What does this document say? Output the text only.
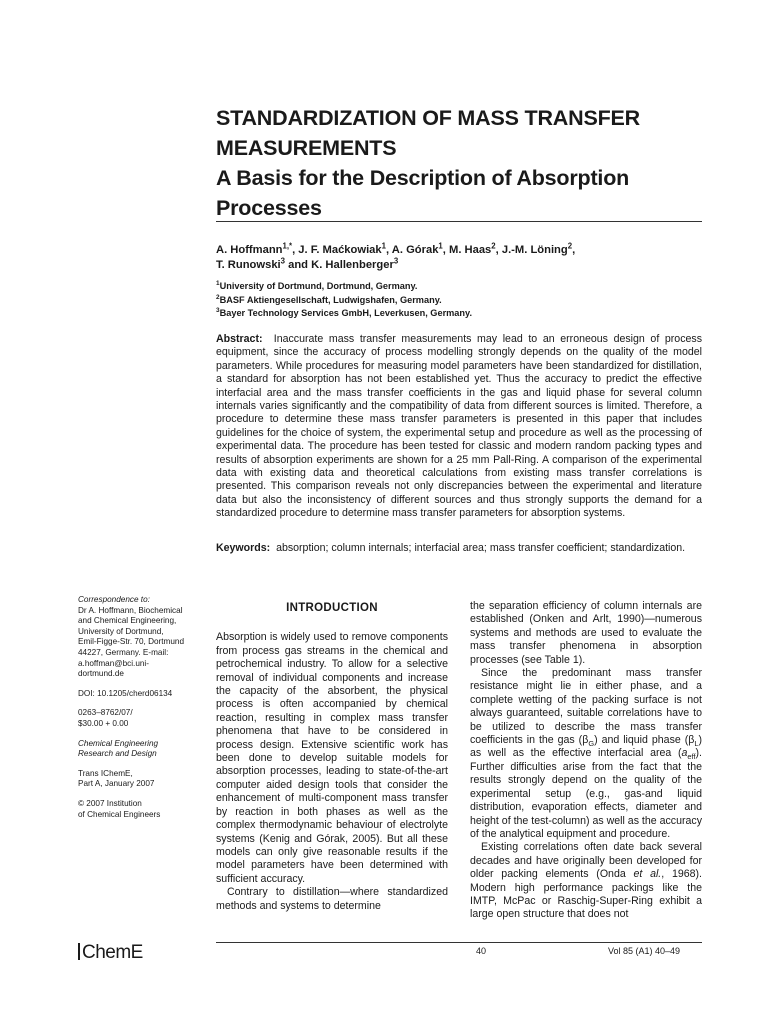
STANDARDIZATION OF MASS TRANSFER
MEASUREMENTS
A Basis for the Description of Absorption
Processes
A. Hoffmann$^{1,*}$, J. F. Maćkowiak$^1$, A. Górak$^1$, M. Haas$^2$, J.-M. Löning$^2$,
T. Runowski$^3$ and K. Hallenberger$^3$
$^1$University of Dortmund, Dortmund, Germany.
$^2$BASF Aktiengesellschaft, Ludwigshafen, Germany.
$^3$Bayer Technology Services GmbH, Leverkusen, Germany.
Abstract: Inaccurate mass transfer measurements may lead to an erroneous design of process equipment, since the accuracy of process modelling strongly depends on the quality of the model parameters. While procedures for measuring model parameters have been standardized for distillation, a standard for absorption has not been established yet. Thus the accuracy to predict the effective interfacial area and the mass transfer coefficients in the gas and liquid phase for several column internals varies significantly and the compatibility of data from different sources is limited. Therefore, a procedure to determine these mass transfer parameters is presented in this paper that includes guidelines for the choice of system, the experimental setup and procedure as well as the processing of experimental data. The procedure has been tested for classic and modern random packing types and results of absorption experiments are shown for a 25 mm Pall-Ring. A comparison of the experimental data with existing data and theoretical calculations from existing mass transfer correlations is presented. This comparison reveals not only discrepancies between the experimental and literature data but also the inconsistency of different sources and thus strongly supports the demand for a standardized procedure to determine mass transfer parameters for absorption systems.
Keywords: absorption; column internals; interfacial area; mass transfer coefficient; standardization.
Correspondence to:
Dr A. Hoffmann, Biochemical
and Chemical Engineering,
University of Dortmund,
Emil-Figge-Str. 70, Dortmund
44227, Germany. E-mail:
a.hoffman@bci.uni-
dortmund.de
DOI: 10.1205/cherd06134
0263–8762/07/
$30.00 + 0.00
Chemical Engineering
Research and Design
Trans IChemE,
Part A, January 2007
© 2007 Institution
of Chemical Engineers
INTRODUCTION
Absorption is widely used to remove components from process gas streams in the chemical and petrochemical industry. To allow for a selective removal of individual components and increase the capacity of the absorbent, the physical process is often accompanied by chemical reaction, resulting in complex mass transfer phenomena that have to be considered in process design. Extensive scientific work has been done to develop suitable models for absorption processes, leading to state-of-the-art computer aided design tools that consider the enhancement of multi-component mass transfer by reaction in both phases as well as the complex thermodynamic behaviour of electrolyte systems (Kenig and Górak, 2005). But all these models can only give reasonable results if the model parameters have been determined with sufficient accuracy.
Contrary to distillation—where standardized methods and systems to determine
the separation efficiency of column internals are established (Onken and Arlt, 1990)—numerous systems and methods are used to evaluate the mass transfer phenomena in absorption processes (see Table 1).
Since the predominant mass transfer resistance might lie in either phase, and a complete wetting of the packing surface is not always guaranteed, suitable correlations have to be utilized to describe the mass transfer coefficients in the gas $(\beta_G)$ and liquid phase $(\beta_L)$ as well as the effective interfacial area $(a_{eff})$. Further difficulties arise from the fact that the results strongly depend on the quality of the experimental setup (e.g., gas-and liquid distribution, evaporation effects, diameter and height of the test-column) as well as the accuracy of the analytical equipment and procedure.
Existing correlations often date back several decades and have originally been developed for older packing elements (Onda et al., 1968). Modern high performance packings like the IMTP, McPac or Raschig-Super-Ring exhibit a large open structure that does not
ChemE	40	Vol 85 (A1) 40–49
